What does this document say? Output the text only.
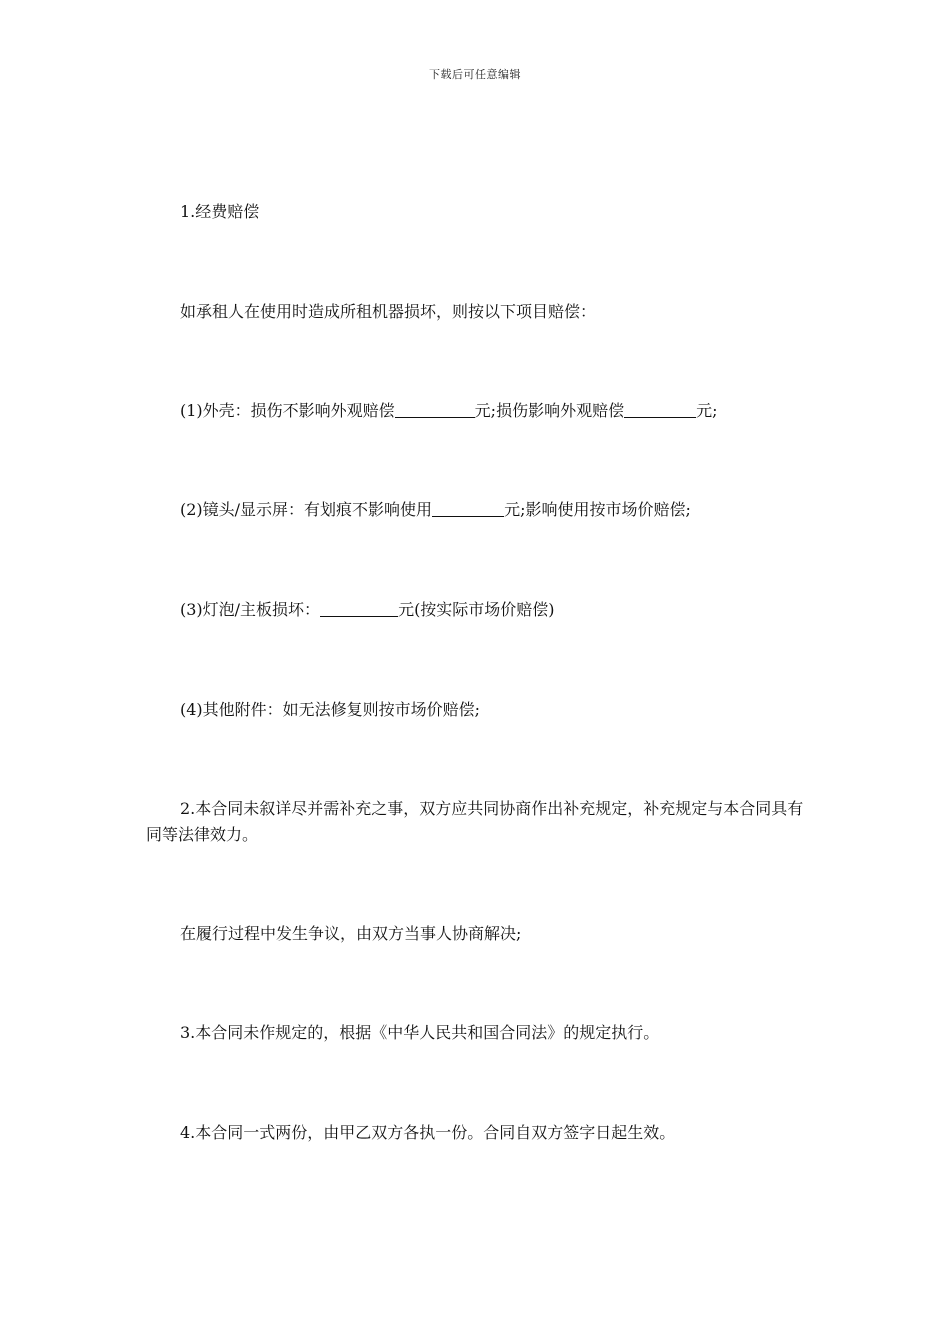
下载后可任意编辑
1.经费赔偿
如承租人在使用时造成所租机器损坏，则按以下项目赔偿：
(1)外壳：损伤不影响外观赔偿	元;损伤影响外观赔偿	元;
(2)镜头/显示屏：有划痕不影响使用	元;影响使用按市场价赔偿;
(3)灯泡/主板损坏：	元(按实际市场价赔偿)
(4)其他附件：如无法修复则按市场价赔偿;
2.本合同未叙详尽并需补充之事，双方应共同协商作出补充规定，补充规定与本合同具有同等法律效力。
在履行过程中发生争议，由双方当事人协商解决;
3.本合同未作规定的，根据《中华人民共和国合同法》的规定执行。
4.本合同一式两份，由甲乙双方各执一份。合同自双方签字日起生效。
